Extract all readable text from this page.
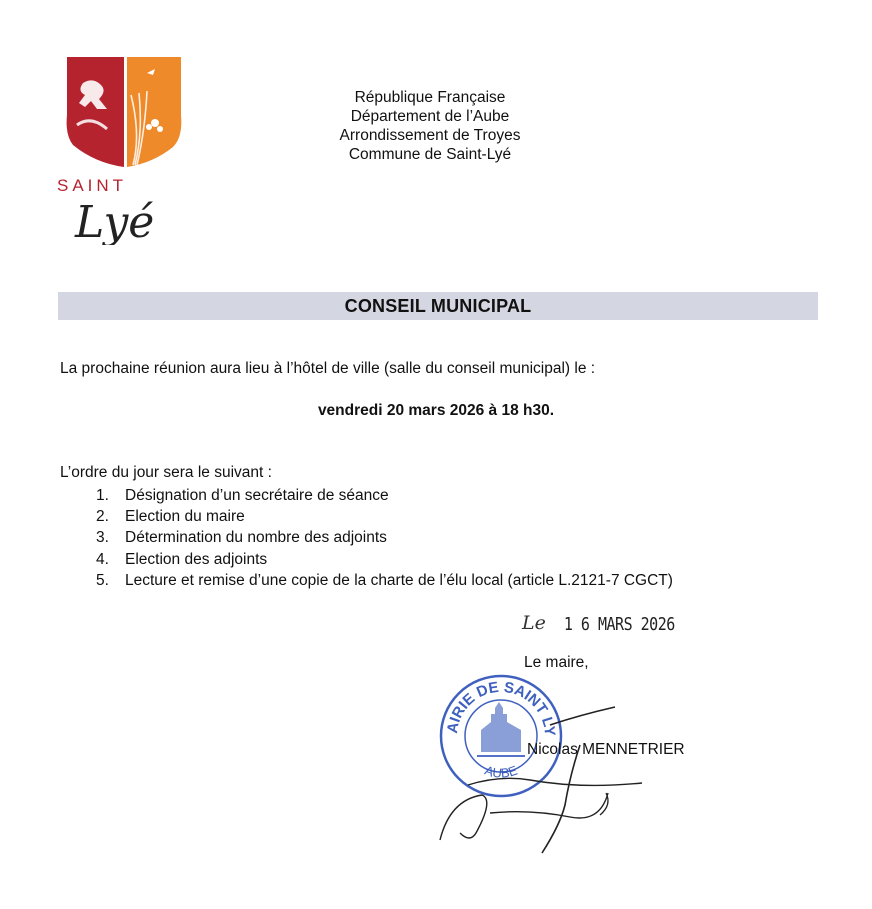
SAINT
Lyé
République Française
Département de l’Aube
Arrondissement de Troyes
Commune de Saint-Lyé
CONSEIL MUNICIPAL
La prochaine réunion aura lieu à l’hôtel de ville (salle du conseil municipal) le :
vendredi 20 mars 2026 à 18 h30.
L’ordre du jour sera le suivant :
1.	Désignation d’un secrétaire de séance
2.	Election du maire
3.	Détermination du nombre des adjoints
4.	Election des adjoints
5.	Lecture et remise d’une copie de la charte de l’élu local (article L.2121-7 CGCT)
Le 1 6 MARS 2026
Le maire,
AIRIE DE SAINT LY
AUBE
Nicolas MENNETRIER
